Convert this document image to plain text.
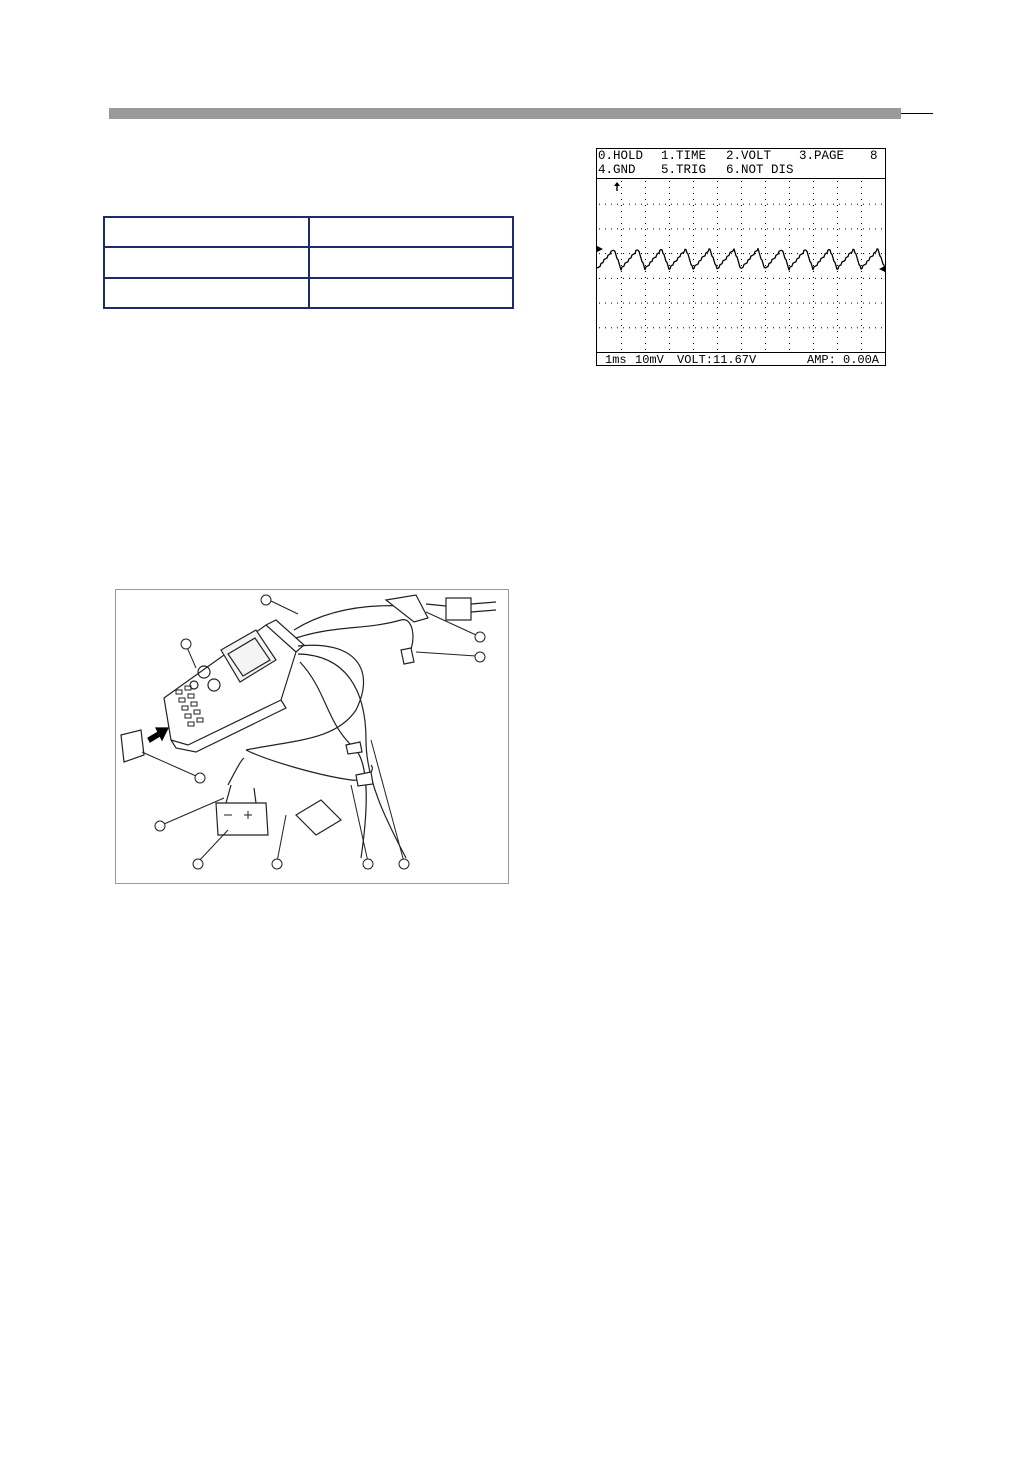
0.HOLD 1.TIME 2.VOLT 3.PAGE 8
4.GND 5.TRIG 6.NOT DIS
1ms 10mV VOLT:11.67V	AMP: 0.00A
